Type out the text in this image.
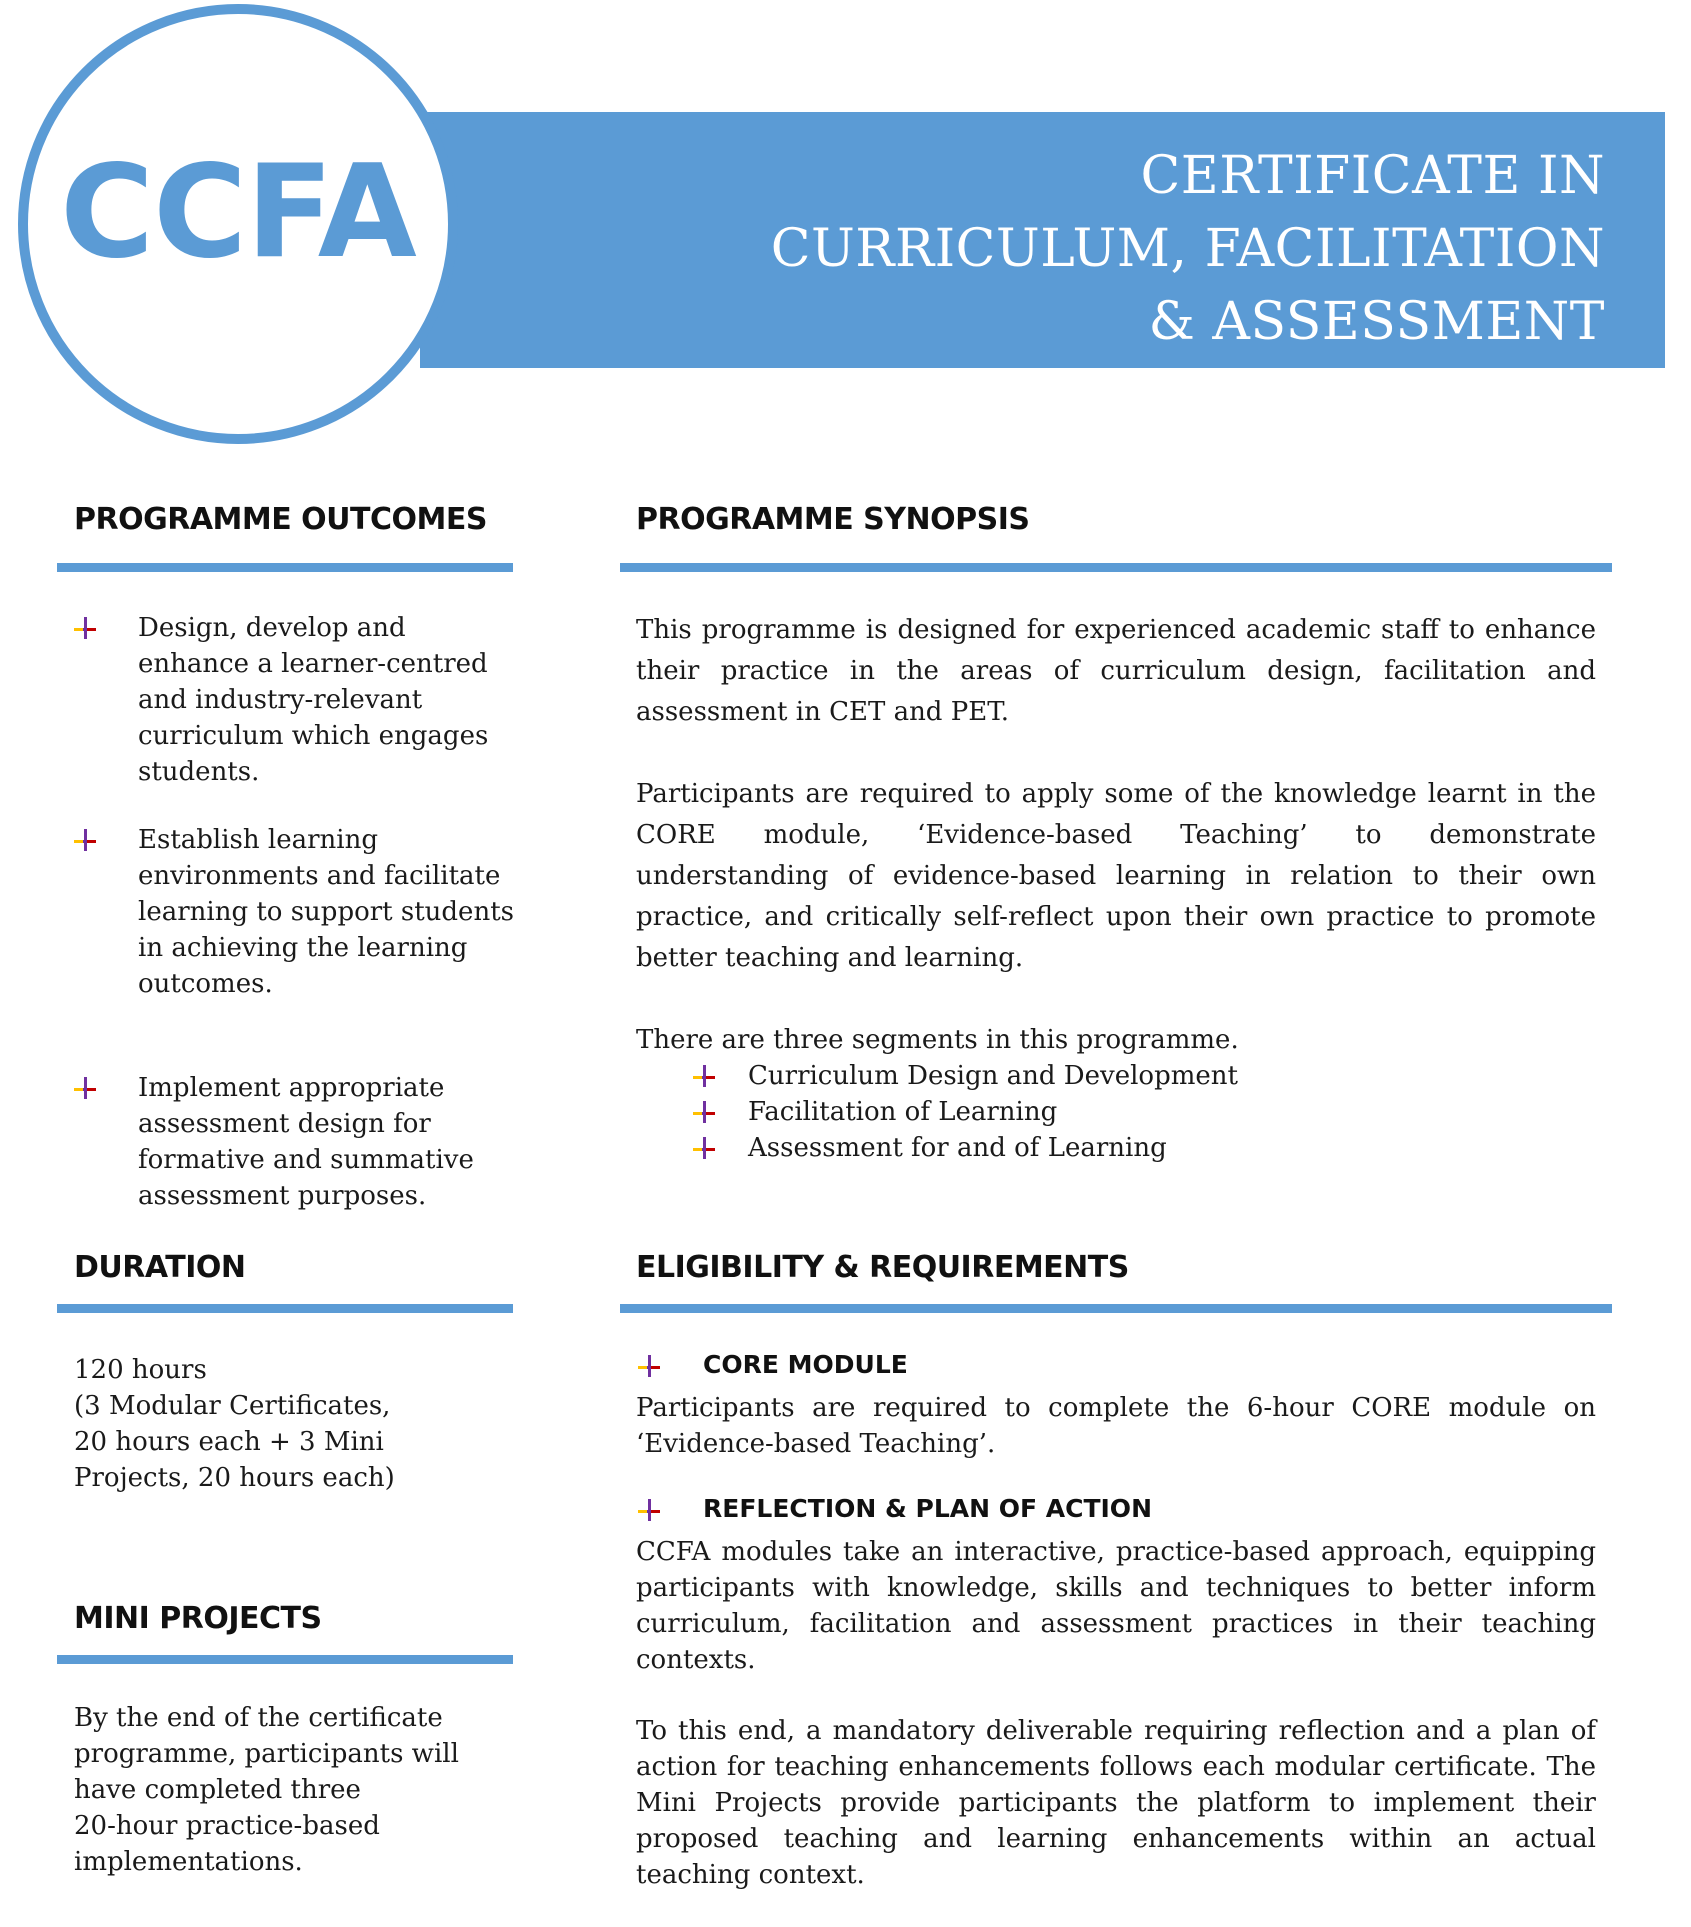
CERTIFICATE IN
CURRICULUM, FACILITATION
& ASSESSMENT
CCFA
PROGRAMME OUTCOMES

Design, develop and enhance a learner-centred and industry-relevant curriculum which engages students.

Establish learning environments and facilitate learning to support students in achieving the learning outcomes.

Implement appropriate assessment design for formative and summative assessment purposes.

PROGRAMME SYNOPSIS

This programme is designed for experienced academic staff to enhance their practice in the areas of curriculum design, facilitation and assessment in CET and PET.

Participants are required to apply some of the knowledge learnt in the CORE module, ‘Evidence-based Teaching’ to demonstrate understanding of evidence-based learning in relation to their own practice, and critically self-reflect upon their own practice to promote better teaching and learning.

There are three segments in this programme.

Curriculum Design and Development

Facilitation of Learning

Assessment for and of Learning

DURATION
120 hours
(3 Modular Certificates,
20 hours each + 3 Mini
Projects, 20 hours each)
MINI PROJECTS
By the end of the certificate
programme, participants will
have completed three
20-hour practice-based
implementations.
ELIGIBILITY & REQUIREMENTS
CORE MODULE

Participants are required to complete the 6-hour CORE module on ‘Evidence-based Teaching’.

REFLECTION & PLAN OF ACTION

CCFA modules take an interactive, practice-based approach, equipping participants with knowledge, skills and techniques to better inform curriculum, facilitation and assessment practices in their teaching contexts.

To this end, a mandatory deliverable requiring reflection and a plan of action for teaching enhancements follows each modular certificate. The Mini Projects provide participants the platform to implement their proposed teaching and learning enhancements within an actual teaching context.
